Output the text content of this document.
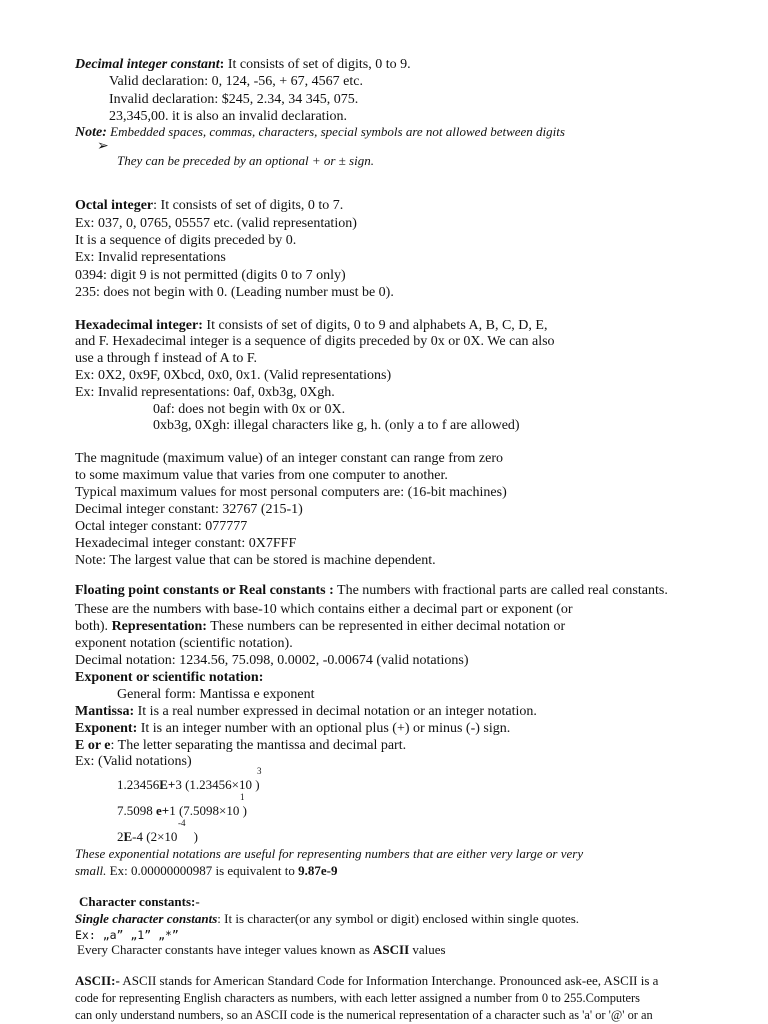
Decimal integer constant: It consists of set of digits, 0 to 9.
Valid declaration: 0, 124, -56, + 67, 4567 etc.
Invalid declaration: $245, 2.34, 34 345, 075.
23,345,00. it is also an invalid declaration.
Note: Embedded spaces, commas, characters, special symbols are not allowed between digits
➢
They can be preceded by an optional + or ± sign.
Octal integer: It consists of set of digits, 0 to 7.
Ex: 037, 0, 0765, 05557 etc. (valid representation)
It is a sequence of digits preceded by 0.
Ex: Invalid representations
0394: digit 9 is not permitted (digits 0 to 7 only)
235: does not begin with 0. (Leading number must be 0).
Hexadecimal integer: It consists of set of digits, 0 to 9 and alphabets A, B, C, D, E,
and F. Hexadecimal integer is a sequence of digits preceded by 0x or 0X. We can also
use a through f instead of A to F.
Ex: 0X2, 0x9F, 0Xbcd, 0x0, 0x1. (Valid representations)
Ex: Invalid representations: 0af, 0xb3g, 0Xgh.
0af: does not begin with 0x or 0X.
0xb3g, 0Xgh: illegal characters like g, h. (only a to f are allowed)
The magnitude (maximum value) of an integer constant can range from zero
to some maximum value that varies from one computer to another.
Typical maximum values for most personal computers are: (16-bit machines)
Decimal integer constant: 32767 (215-1)
Octal integer constant: 077777
Hexadecimal integer constant: 0X7FFF
Note: The largest value that can be stored is machine dependent.
Floating point constants or Real constants : The numbers with fractional parts are called real constants.
These are the numbers with base-10 which contains either a decimal part or exponent (or
both). Representation: These numbers can be represented in either decimal notation or
exponent notation (scientific notation).
Decimal notation: 1234.56, 75.098, 0.0002, -0.00674 (valid notations)
Exponent or scientific notation:
General form: Mantissa e exponent
Mantissa: It is a real number expressed in decimal notation or an integer notation.
Exponent: It is an integer number with an optional plus (+) or minus (-) sign.
E or e: The letter separating the mantissa and decimal part.
Ex: (Valid notations)
3
1.23456E+3 (1.23456×10 )
1
7.5098 e+1 (7.5098×10 )
-4
2E-4 (2×10     )
These exponential notations are useful for representing numbers that are either very large or very
small. Ex: 0.00000000987 is equivalent to 9.87e-9
Character constants:-
Single character constants: It is character(or any symbol or digit) enclosed within single quotes.
Ex: „a” „1” „*”
Every Character constants have integer values known as ASCII values
ASCII:- ASCII stands for American Standard Code for Information Interchange. Pronounced ask-ee, ASCII is a
code for representing English characters as numbers, with each letter assigned a number from 0 to 255.Computers
can only understand numbers, so an ASCII code is the numerical representation of a character such as 'a' or '@' or an
